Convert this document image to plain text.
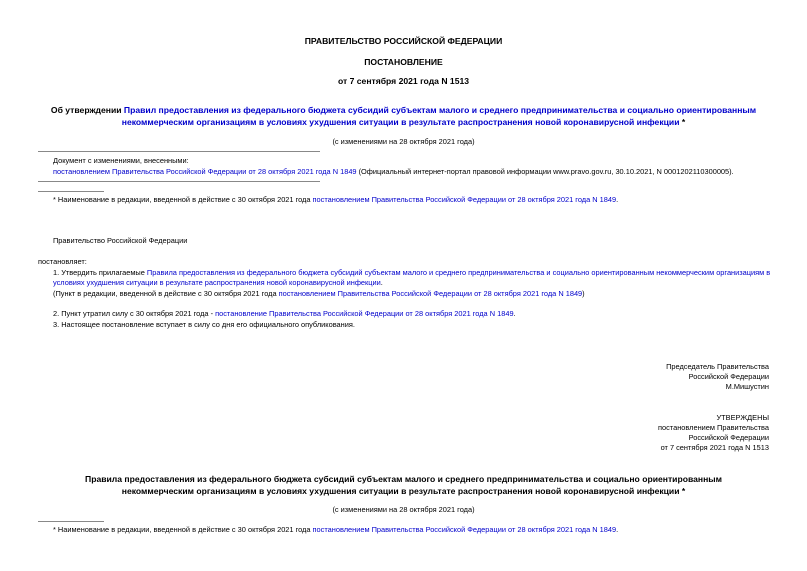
ПРАВИТЕЛЬСТВО РОССИЙСКОЙ ФЕДЕРАЦИИ
ПОСТАНОВЛЕНИЕ
от 7 сентября 2021 года N 1513
Об утверждении Правил предоставления из федерального бюджета субсидий субъектам малого и среднего предпринимательства и социально ориентированным
некоммерческим организациям в условиях ухудшения ситуации в результате распространения новой коронавирусной инфекции *
(с изменениями на 28 октября 2021 года)
Документ с изменениями, внесенными:
постановлением Правительства Российской Федерации от 28 октября 2021 года N 1849 (Официальный интернет-портал правовой информации www.pravo.gov.ru, 30.10.2021, N 0001202110300005).
* Наименование в редакции, введенной в действие с 30 октября 2021 года постановлением Правительства Российской Федерации от 28 октября 2021 года N 1849.
Правительство Российской Федерации
постановляет:
1. Утвердить прилагаемые Правила предоставления из федерального бюджета субсидий субъектам малого и среднего предпринимательства и социально ориентированным некоммерческим организациям в
условиях ухудшения ситуации в результате распространения новой коронавирусной инфекции.
(Пункт в редакции, введенной в действие с 30 октября 2021 года постановлением Правительства Российской Федерации от 28 октября 2021 года N 1849)
2. Пункт утратил силу с 30 октября 2021 года - постановление Правительства Российской Федерации от 28 октября 2021 года N 1849.
3. Настоящее постановление вступает в силу со дня его официального опубликования.
Председатель Правительства
Российской Федерации
М.Мишустин
УТВЕРЖДЕНЫ
постановлением Правительства
Российской Федерации
от 7 сентября 2021 года N 1513
Правила предоставления из федерального бюджета субсидий субъектам малого и среднего предпринимательства и социально ориентированным
некоммерческим организациям в условиях ухудшения ситуации в результате распространения новой коронавирусной инфекции *
(с изменениями на 28 октября 2021 года)
* Наименование в редакции, введенной в действие с 30 октября 2021 года постановлением Правительства Российской Федерации от 28 октября 2021 года N 1849.
